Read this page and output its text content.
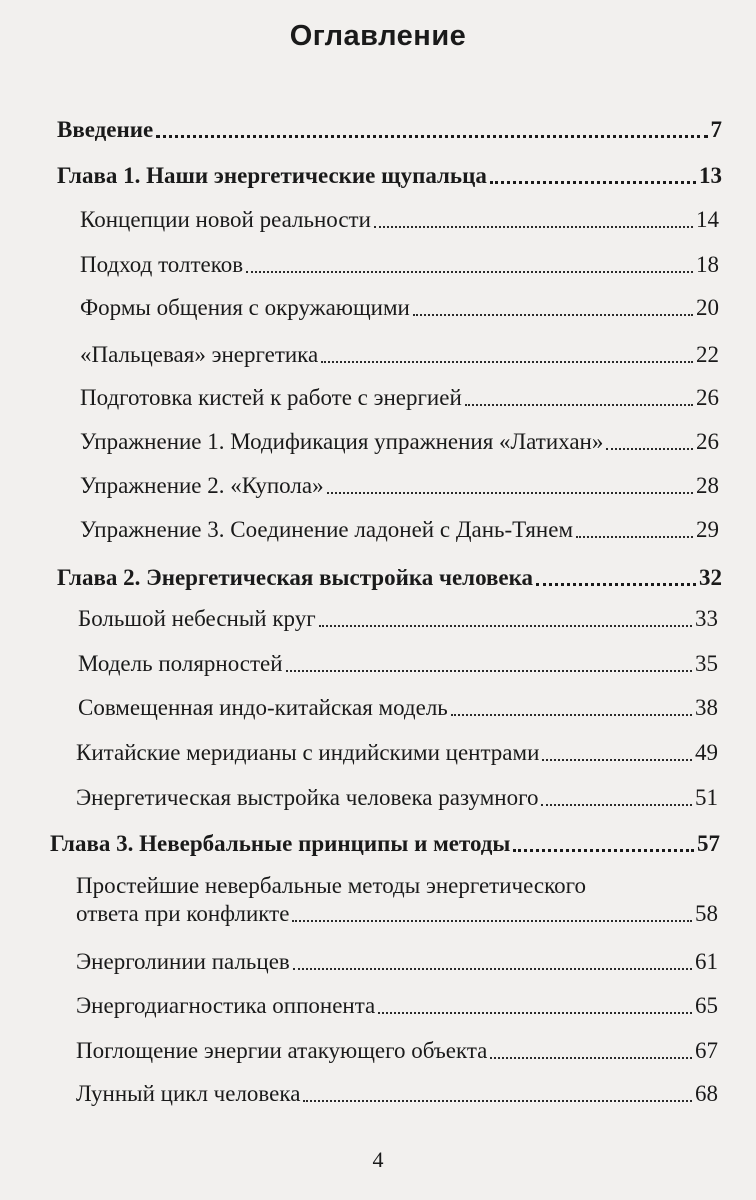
Оглавление
Введение	7
Глава 1. Наши энергетические щупальца	13
Концепции новой реальности	14
Подход толтеков	18
Формы общения с окружающими	20
«Пальцевая» энергетика	22
Подготовка кистей к работе с энергией	26
Упражнение 1. Модификация упражнения «Латихан»	26
Упражнение 2. «Купола»	28
Упражнение 3. Соединение ладоней с Дань-Тянем	29
Глава 2. Энергетическая выстройка человека	32
Большой небесный круг	33
Модель полярностей	35
Совмещенная индо-китайская модель	38
Китайские меридианы с индийскими центрами	49
Энергетическая выстройка человека разумного	51
Глава 3. Невербальные принципы и методы	57
Простейшие невербальные методы энергетического
ответа при конфликте	58
Энерголинии пальцев	61
Энергодиагностика оппонента	65
Поглощение энергии атакующего объекта	67
Лунный цикл человека	68
4
